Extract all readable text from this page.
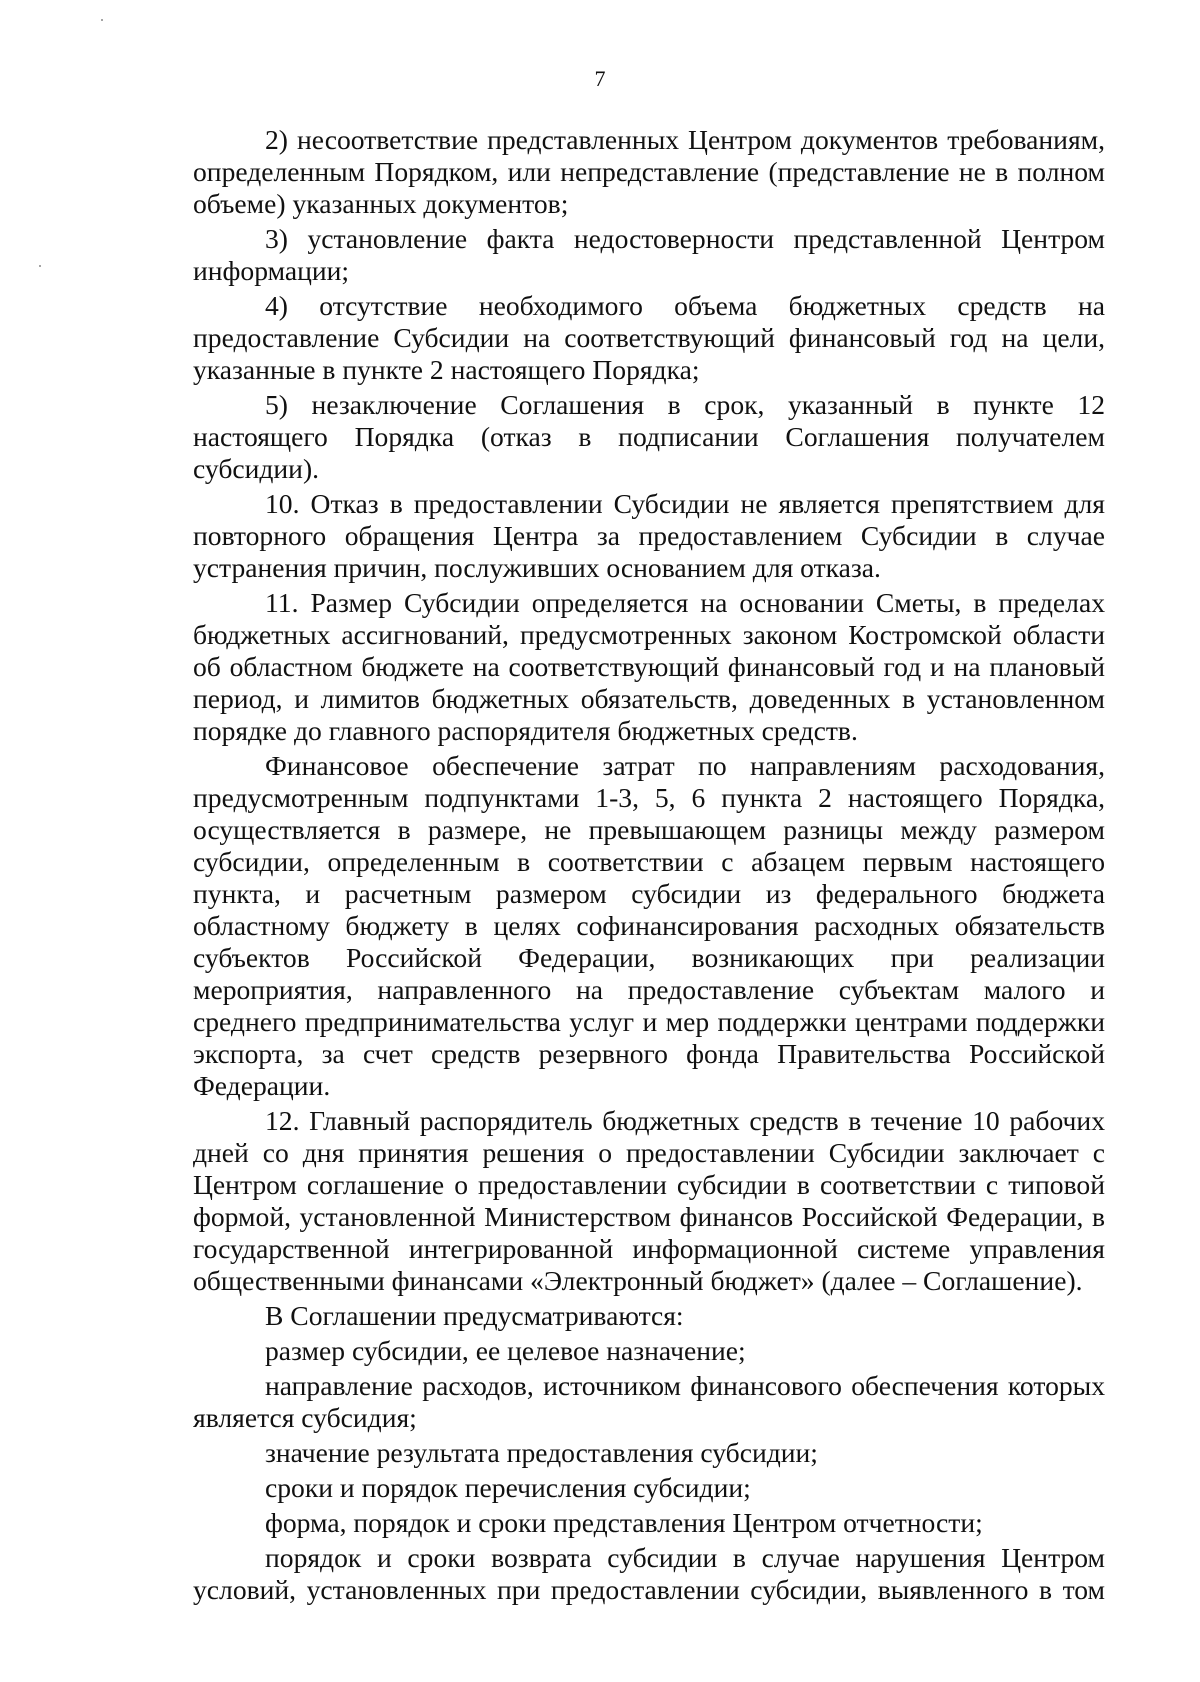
7

2) несоответствие представленных Центром документов требованиям, определенным Порядком, или непредставление (представление не в полном объеме) указанных документов;

3) установление факта недостоверности представленной Центром информации;

4) отсутствие необходимого объема бюджетных средств на предоставление Субсидии на соответствующий финансовый год на цели, указанные в пункте 2 настоящего Порядка;

5) незаключение Соглашения в срок, указанный в пункте 12 настоящего Порядка (отказ в подписании Соглашения получателем субсидии).

10. Отказ в предоставлении Субсидии не является препятствием для повторного обращения Центра за предоставлением Субсидии в случае устранения причин, послуживших основанием для отказа.

11. Размер Субсидии определяется на основании Сметы, в пределах бюджетных ассигнований, предусмотренных законом Костромской области об областном бюджете на соответствующий финансовый год и на плановый период, и лимитов бюджетных обязательств, доведенных в установленном порядке до главного распорядителя бюджетных средств.

Финансовое обеспечение затрат по направлениям расходования, предусмотренным подпунктами 1-3, 5, 6 пункта 2 настоящего Порядка, осуществляется в размере, не превышающем разницы между размером субсидии, определенным в соответствии с абзацем первым настоящего пункта, и расчетным размером субсидии из федерального бюджета областному бюджету в целях софинансирования расходных обязательств субъектов Российской Федерации, возникающих при реализации мероприятия, направленного на предоставление субъектам малого и среднего предпринимательства услуг и мер поддержки центрами поддержки экспорта, за счет средств резервного фонда Правительства Российской Федерации.

12. Главный распорядитель бюджетных средств в течение 10 рабочих дней со дня принятия решения о предоставлении Субсидии заключает с Центром соглашение о предоставлении субсидии в соответствии с типовой формой, установленной Министерством финансов Российской Федерации, в государственной интегрированной информационной системе управления общественными финансами «Электронный бюджет» (далее – Соглашение).

В Соглашении предусматриваются:

размер субсидии, ее целевое назначение;

направление расходов, источником финансового обеспечения которых является субсидия;

значение результата предоставления субсидии;

сроки и порядок перечисления субсидии;

форма, порядок и сроки представления Центром отчетности;

порядок и сроки возврата субсидии в случае нарушения Центром условий, установленных при предоставлении субсидии, выявленного в том
